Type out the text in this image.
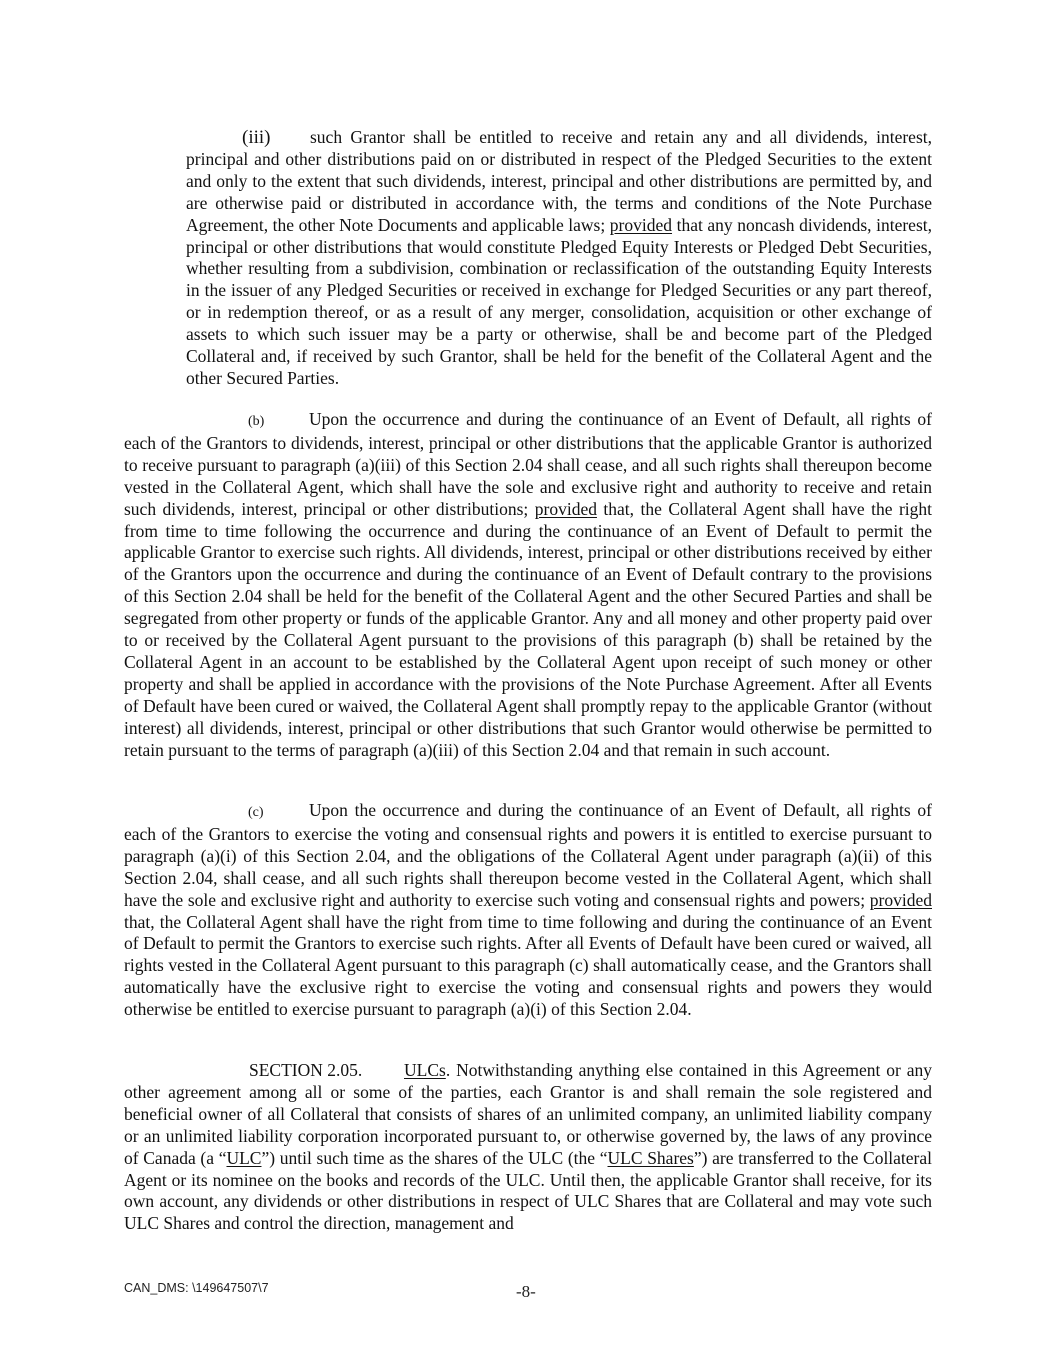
(iii) such Grantor shall be entitled to receive and retain any and all dividends, interest, principal and other distributions paid on or distributed in respect of the Pledged Securities to the extent and only to the extent that such dividends, interest, principal and other distributions are permitted by, and are otherwise paid or distributed in accordance with, the terms and conditions of the Note Purchase Agreement, the other Note Documents and applicable laws; provided that any noncash dividends, interest, principal or other distributions that would constitute Pledged Equity Interests or Pledged Debt Securities, whether resulting from a subdivision, combination or reclassification of the outstanding Equity Interests in the issuer of any Pledged Securities or received in exchange for Pledged Securities or any part thereof, or in redemption thereof, or as a result of any merger, consolidation, acquisition or other exchange of assets to which such issuer may be a party or otherwise, shall be and become part of the Pledged Collateral and, if received by such Grantor, shall be held for the benefit of the Collateral Agent and the other Secured Parties.

(b)	Upon the occurrence and during the continuance of an Event of Default, all rights of each of the Grantors to dividends, interest, principal or other distributions that the applicable Grantor is authorized to receive pursuant to paragraph (a)(iii) of this Section 2.04 shall cease, and all such rights shall thereupon become vested in the Collateral Agent, which shall have the sole and exclusive right and authority to receive and retain such dividends, interest, principal or other distributions; provided that, the Collateral Agent shall have the right from time to time following the occurrence and during the continuance of an Event of Default to permit the applicable Grantor to exercise such rights. All dividends, interest, principal or other distributions received by either of the Grantors upon the occurrence and during the continuance of an Event of Default contrary to the provisions of this Section 2.04 shall be held for the benefit of the Collateral Agent and the other Secured Parties and shall be segregated from other property or funds of the applicable Grantor. Any and all money and other property paid over to or received by the Collateral Agent pursuant to the provisions of this paragraph (b) shall be retained by the Collateral Agent in an account to be established by the Collateral Agent upon receipt of such money or other property and shall be applied in accordance with the provisions of the Note Purchase Agreement. After all Events of Default have been cured or waived, the Collateral Agent shall promptly repay to the applicable Grantor (without interest) all dividends, interest, principal or other distributions that such Grantor would otherwise be permitted to retain pursuant to the terms of paragraph (a)(iii) of this Section 2.04 and that remain in such account.

(c)	Upon the occurrence and during the continuance of an Event of Default, all rights of each of the Grantors to exercise the voting and consensual rights and powers it is entitled to exercise pursuant to paragraph (a)(i) of this Section 2.04, and the obligations of the Collateral Agent under paragraph (a)(ii) of this Section 2.04, shall cease, and all such rights shall thereupon become vested in the Collateral Agent, which shall have the sole and exclusive right and authority to exercise such voting and consensual rights and powers; provided that, the Collateral Agent shall have the right from time to time following and during the continuance of an Event of Default to permit the Grantors to exercise such rights. After all Events of Default have been cured or waived, all rights vested in the Collateral Agent pursuant to this paragraph (c) shall automatically cease, and the Grantors shall automatically have the exclusive right to exercise the voting and consensual rights and powers they would otherwise be entitled to exercise pursuant to paragraph (a)(i) of this Section 2.04.

SECTION 2.05. ULCs. Notwithstanding anything else contained in this Agreement or any other agreement among all or some of the parties, each Grantor is and shall remain the sole registered and beneficial owner of all Collateral that consists of shares of an unlimited company, an unlimited liability company or an unlimited liability corporation incorporated pursuant to, or otherwise governed by, the laws of any province of Canada (a “ULC”) until such time as the shares of the ULC (the “ULC Shares”) are transferred to the Collateral Agent or its nominee on the books and records of the ULC. Until then, the applicable Grantor shall receive, for its own account, any dividends or other distributions in respect of ULC Shares that are Collateral and may vote such ULC Shares and control the direction, management and

CAN_DMS: \149647507\7	-8-
